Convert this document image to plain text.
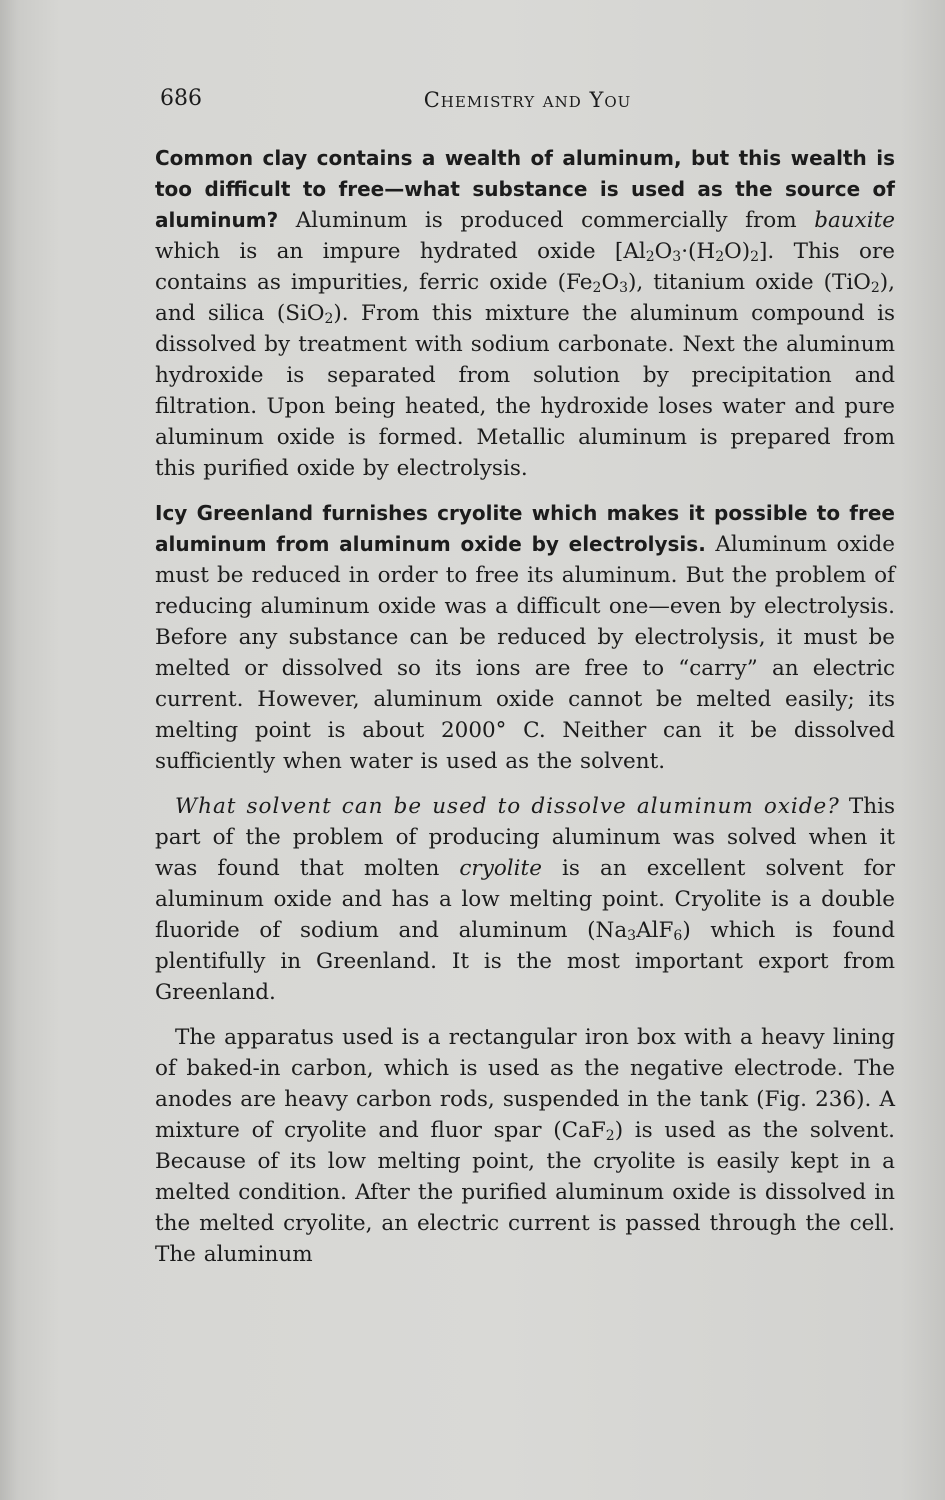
686	Chemistry and You

Common clay contains a wealth of aluminum, but this wealth is too difficult to free—what substance is used as the source of aluminum? Aluminum is produced commercially from bauxite which is an impure hydrated oxide $[Al_2O_3\cdot(H_2O)_2]$. This ore contains as impurities, ferric oxide $(Fe_2O_3)$, titanium oxide (TiO$_2$), and silica (SiO$_2$). From this mixture the aluminum compound is dissolved by treatment with sodium carbonate. Next the aluminum hydroxide is separated from solution by precipitation and filtration. Upon being heated, the hydroxide loses water and pure aluminum oxide is formed. Metallic aluminum is prepared from this purified oxide by electrolysis.

Icy Greenland furnishes cryolite which makes it possible to free aluminum from aluminum oxide by electrolysis. Aluminum oxide must be reduced in order to free its aluminum. But the problem of reducing aluminum oxide was a difficult one—even by electrolysis. Before any substance can be reduced by electrolysis, it must be melted or dissolved so its ions are free to “carry” an electric current. However, aluminum oxide cannot be melted easily; its melting point is about 2000° C. Neither can it be dissolved sufficiently when water is used as the solvent.

What solvent can be used to dissolve aluminum oxide? This part of the problem of producing aluminum was solved when it was found that molten cryolite is an excellent solvent for aluminum oxide and has a low melting point. Cryolite is a double fluoride of sodium and aluminum $(Na_3AlF_6)$ which is found plentifully in Greenland. It is the most important export from Greenland.

The apparatus used is a rectangular iron box with a heavy lining of baked-in carbon, which is used as the negative electrode. The anodes are heavy carbon rods, suspended in the tank (Fig. 236). A mixture of cryolite and fluor spar (CaF$_2$) is used as the solvent. Because of its low melting point, the cryolite is easily kept in a melted condition. After the purified aluminum oxide is dissolved in the melted cryolite, an electric current is passed through the cell. The aluminum
